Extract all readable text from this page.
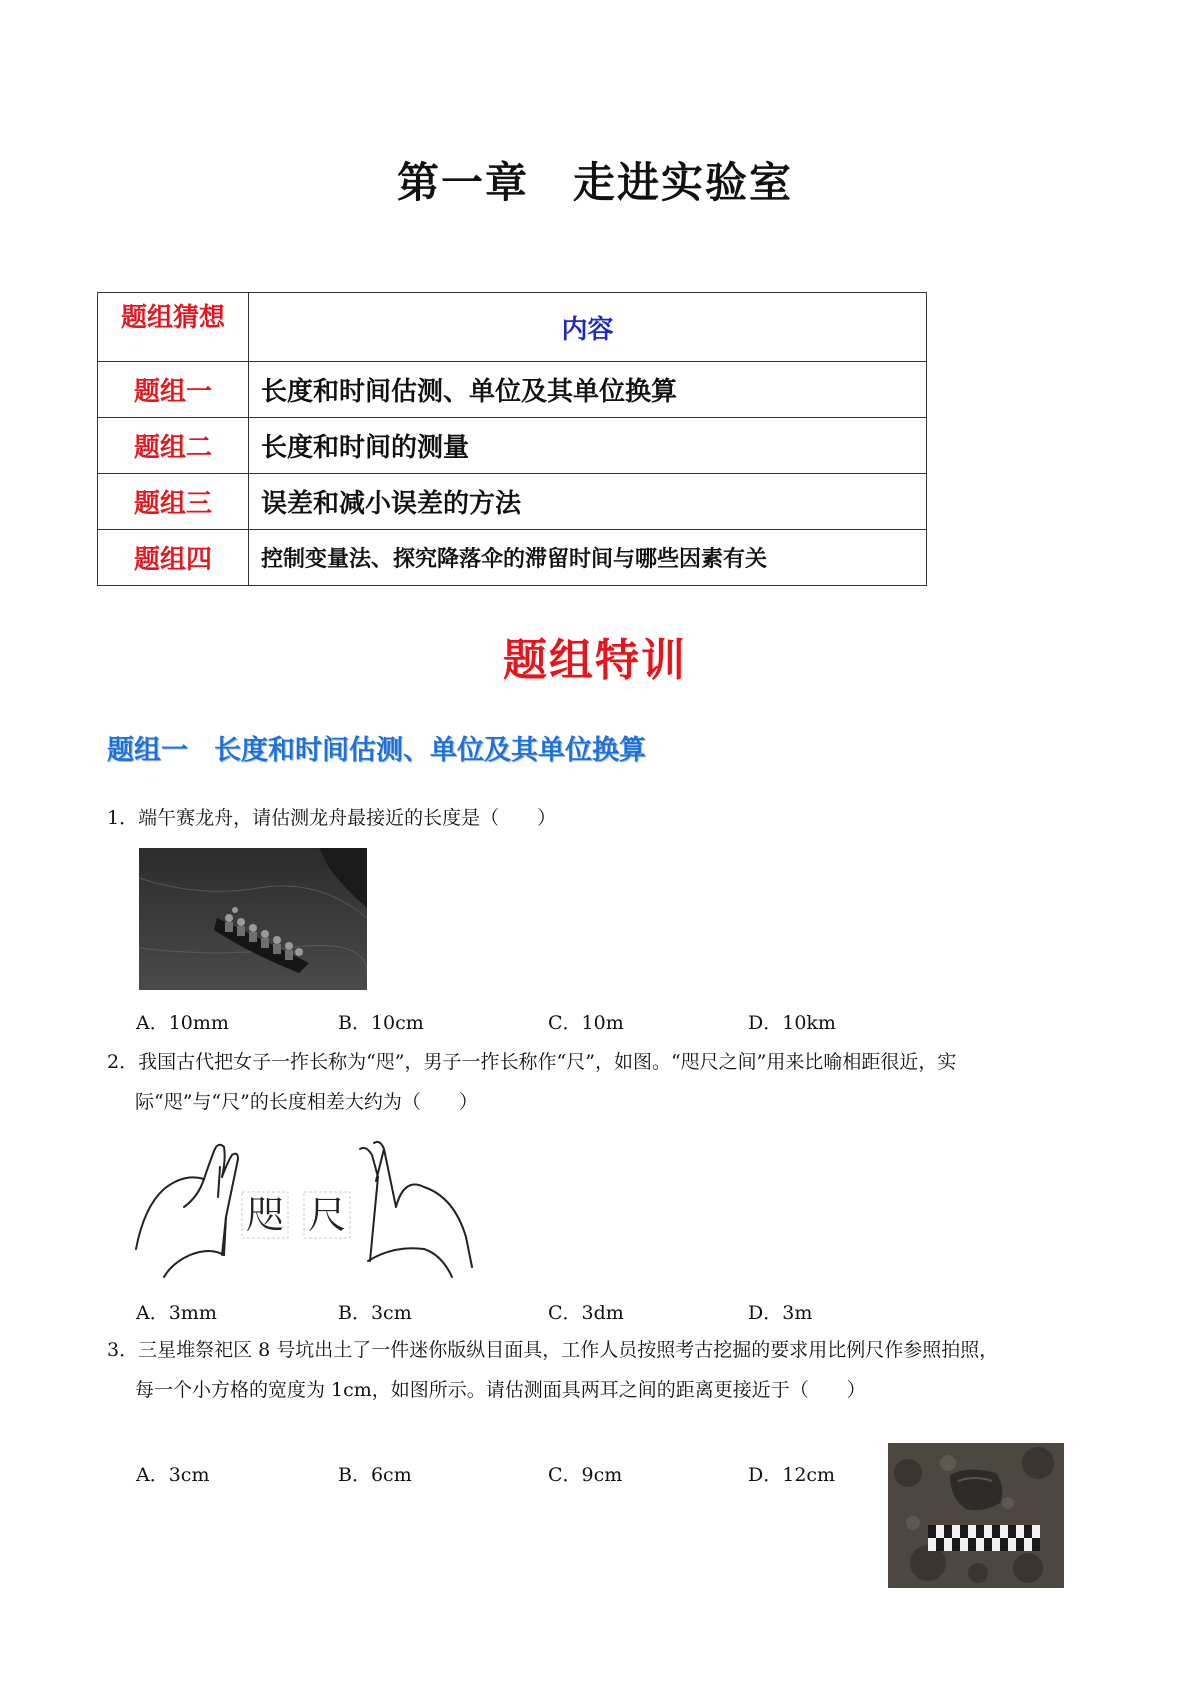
第一章　走进实验室
题组猜想	内容
题组一	长度和时间估测、单位及其单位换算
题组二	长度和时间的测量
题组三	误差和减小误差的方法
题组四	控制变量法、探究降落伞的滞留时间与哪些因素有关
题组特训
题组一 长度和时间估测、单位及其单位换算
1．端午赛龙舟，请估测龙舟最接近的长度是（　　）
A．10mm	B．10cm	C．10m	D．10km
2．我国古代把女子一拃长称为“咫”，男子一拃长称作“尺”，如图。“咫尺之间”用来比喻相距很近，实
际“咫”与“尺”的长度相差大约为（　　）
咫 尺
A．3mm	B．3cm	C．3dm	D．3m
3．三星堆祭祀区 8 号坑出土了一件迷你版纵目面具，工作人员按照考古挖掘的要求用比例尺作参照拍照，
每一个小方格的宽度为 1cm，如图所示。请估测面具两耳之间的距离更接近于（　　）
A．3cm	B．6cm	C．9cm	D．12cm
